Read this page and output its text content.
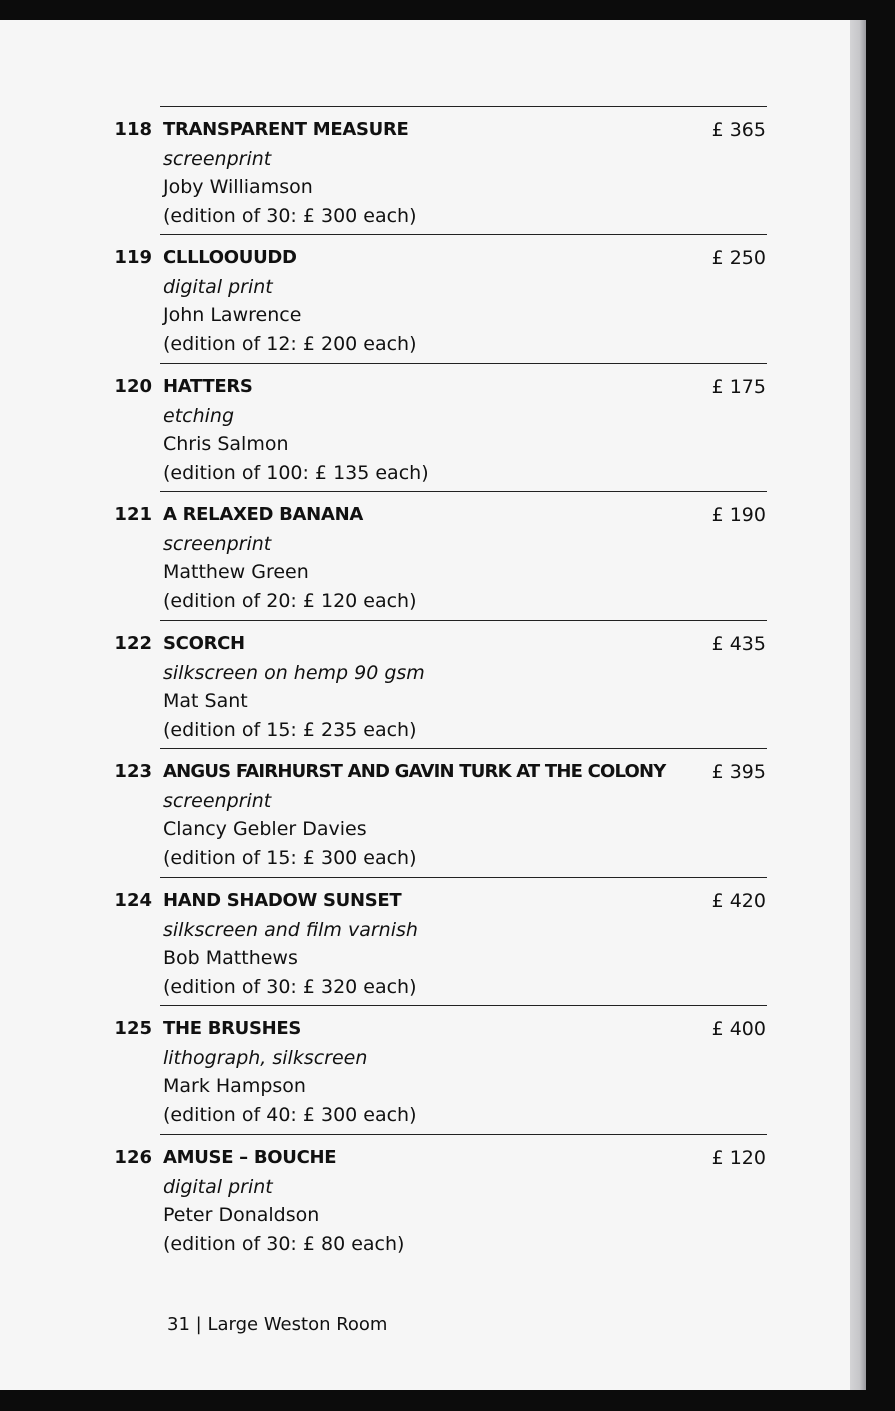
118 TRANSPARENT MEASURE
screenprint
Joby Williamson
(edition of 30: £ 300 each)
£ 365
119 CLLLOOUUDD
digital print
John Lawrence
(edition of 12: £ 200 each)
£ 250
120 HATTERS
etching
Chris Salmon
(edition of 100: £ 135 each)
£ 175
121 A RELAXED BANANA
screenprint
Matthew Green
(edition of 20: £ 120 each)
£ 190
122 SCORCH
silkscreen on hemp 90 gsm
Mat Sant
(edition of 15: £ 235 each)
£ 435
123 ANGUS FAIRHURST AND GAVIN TURK AT THE COLONY
screenprint
Clancy Gebler Davies
(edition of 15: £ 300 each)
£ 395
124 HAND SHADOW SUNSET
silkscreen and film varnish
Bob Matthews
(edition of 30: £ 320 each)
£ 420
125 THE BRUSHES
lithograph, silkscreen
Mark Hampson
(edition of 40: £ 300 each)
£ 400
126 AMUSE – BOUCHE
digital print
Peter Donaldson
(edition of 30: £ 80 each)
£ 120
31 | Large Weston Room
